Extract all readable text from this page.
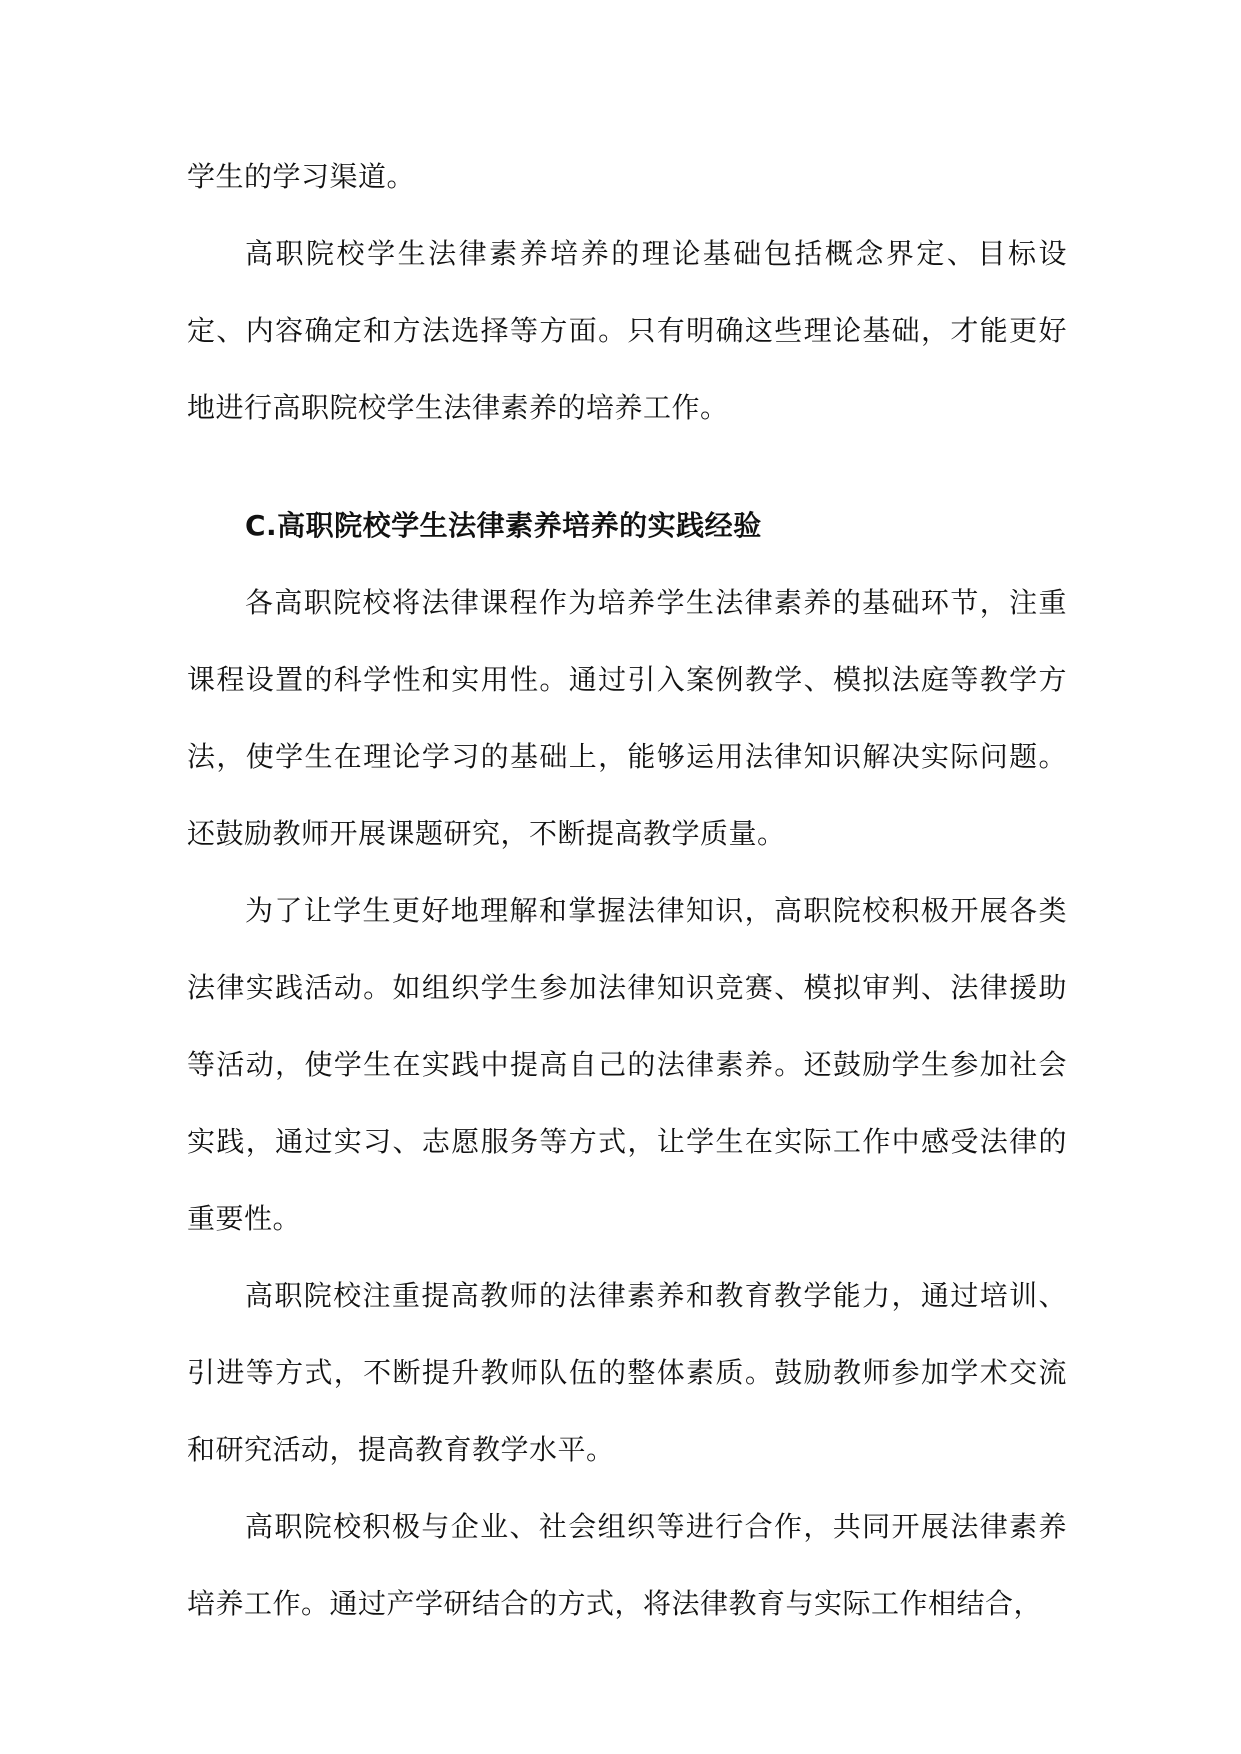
学生的学习渠道。

高职院校学生法律素养培养的理论基础包括概念界定、目标设定、内容确定和方法选择等方面。只有明确这些理论基础，才能更好地进行高职院校学生法律素养的培养工作。

C.高职院校学生法律素养培养的实践经验

各高职院校将法律课程作为培养学生法律素养的基础环节，注重课程设置的科学性和实用性。通过引入案例教学、模拟法庭等教学方法，使学生在理论学习的基础上，能够运用法律知识解决实际问题。还鼓励教师开展课题研究，不断提高教学质量。

为了让学生更好地理解和掌握法律知识，高职院校积极开展各类法律实践活动。如组织学生参加法律知识竞赛、模拟审判、法律援助等活动，使学生在实践中提高自己的法律素养。还鼓励学生参加社会实践，通过实习、志愿服务等方式，让学生在实际工作中感受法律的重要性。

高职院校注重提高教师的法律素养和教育教学能力，通过培训、引进等方式，不断提升教师队伍的整体素质。鼓励教师参加学术交流和研究活动，提高教育教学水平。

高职院校积极与企业、社会组织等进行合作，共同开展法律素养培养工作。通过产学研结合的方式，将法律教育与实际工作相结合，
